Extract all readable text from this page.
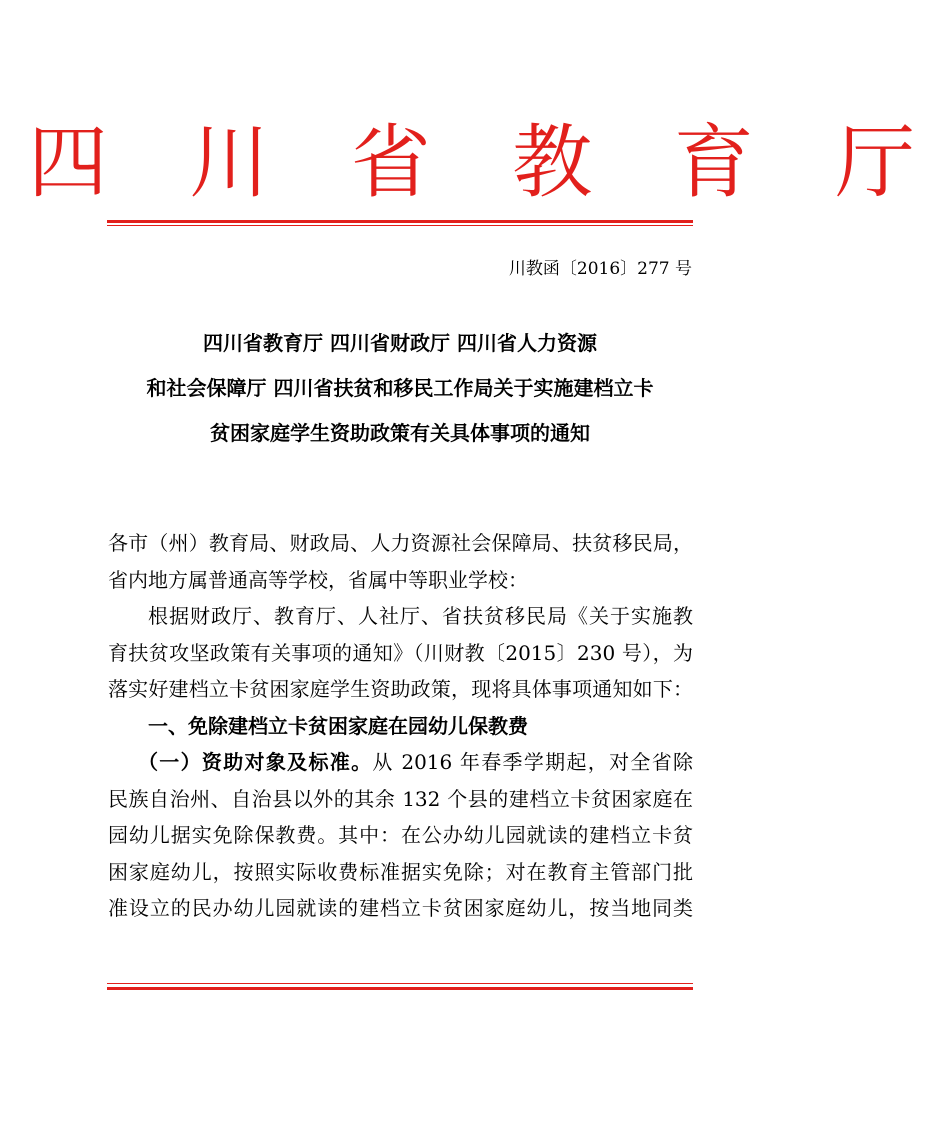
四 川 省 教 育 厅
川教函〔2016〕277 号
四川省教育厅 四川省财政厅 四川省人力资源
和社会保障厅 四川省扶贫和移民工作局关于实施建档立卡
贫困家庭学生资助政策有关具体事项的通知
各市（州）教育局、财政局、人力资源社会保障局、扶贫移民局，
省内地方属普通高等学校，省属中等职业学校：
根据财政厅、教育厅、人社厅、省扶贫移民局《关于实施教
育扶贫攻坚政策有关事项的通知》（川财教〔2015〕230 号），为
落实好建档立卡贫困家庭学生资助政策，现将具体事项通知如下：
一、免除建档立卡贫困家庭在园幼儿保教费
（一）资助对象及标准。从 2016 年春季学期起，对全省除
民族自治州、自治县以外的其余 132 个县的建档立卡贫困家庭在
园幼儿据实免除保教费。其中：在公办幼儿园就读的建档立卡贫
困家庭幼儿，按照实际收费标准据实免除；对在教育主管部门批
准设立的民办幼儿园就读的建档立卡贫困家庭幼儿，按当地同类
